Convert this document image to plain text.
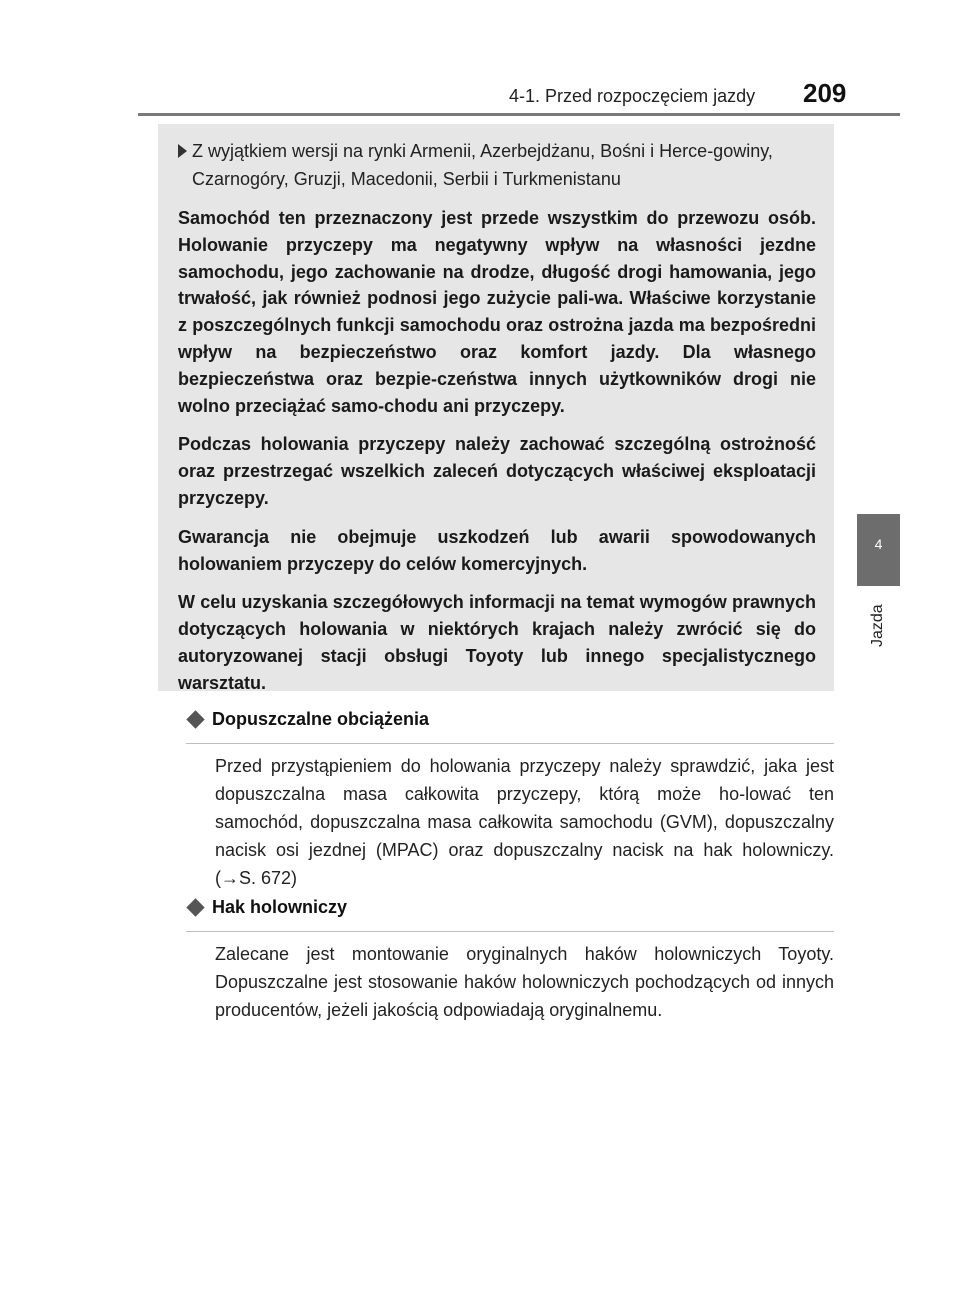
4-1. Przed rozpoczęciem jazdy 209
4
Jazda
Z wyjątkiem wersji na rynki Armenii, Azerbejdżanu, Bośni i Herce-gowiny, Czarnogóry, Gruzji, Macedonii, Serbii i Turkmenistanu

Samochód ten przeznaczony jest przede wszystkim do przewozu osób. Holowanie przyczepy ma negatywny wpływ na własności jezdne samochodu, jego zachowanie na drodze, długość drogi hamowania, jego trwałość, jak również podnosi jego zużycie pali-wa. Właściwe korzystanie z poszczególnych funkcji samochodu oraz ostrożna jazda ma bezpośredni wpływ na bezpieczeństwo oraz komfort jazdy. Dla własnego bezpieczeństwa oraz bezpie-czeństwa innych użytkowników drogi nie wolno przeciążać samo-chodu ani przyczepy.

Podczas holowania przyczepy należy zachować szczególną ostrożność oraz przestrzegać wszelkich zaleceń dotyczących właściwej eksploatacji przyczepy.

Gwarancja nie obejmuje uszkodzeń lub awarii spowodowanych holowaniem przyczepy do celów komercyjnych.

W celu uzyskania szczegółowych informacji na temat wymogów prawnych dotyczących holowania w niektórych krajach należy zwrócić się do autoryzowanej stacji obsługi Toyoty lub innego specjalistycznego warsztatu.

Dopuszczalne obciążenia
Przed przystąpieniem do holowania przyczepy należy sprawdzić, jaka jest dopuszczalna masa całkowita przyczepy, którą może ho-lować ten samochód, dopuszczalna masa całkowita samochodu (GVM), dopuszczalny nacisk osi jezdnej (MPAC) oraz dopuszczalny nacisk na hak holowniczy. (→S. 672)
Hak holowniczy
Zalecane jest montowanie oryginalnych haków holowniczych Toyoty. Dopuszczalne jest stosowanie haków holowniczych pochodzących od innych producentów, jeżeli jakością odpowiadają oryginalnemu.
